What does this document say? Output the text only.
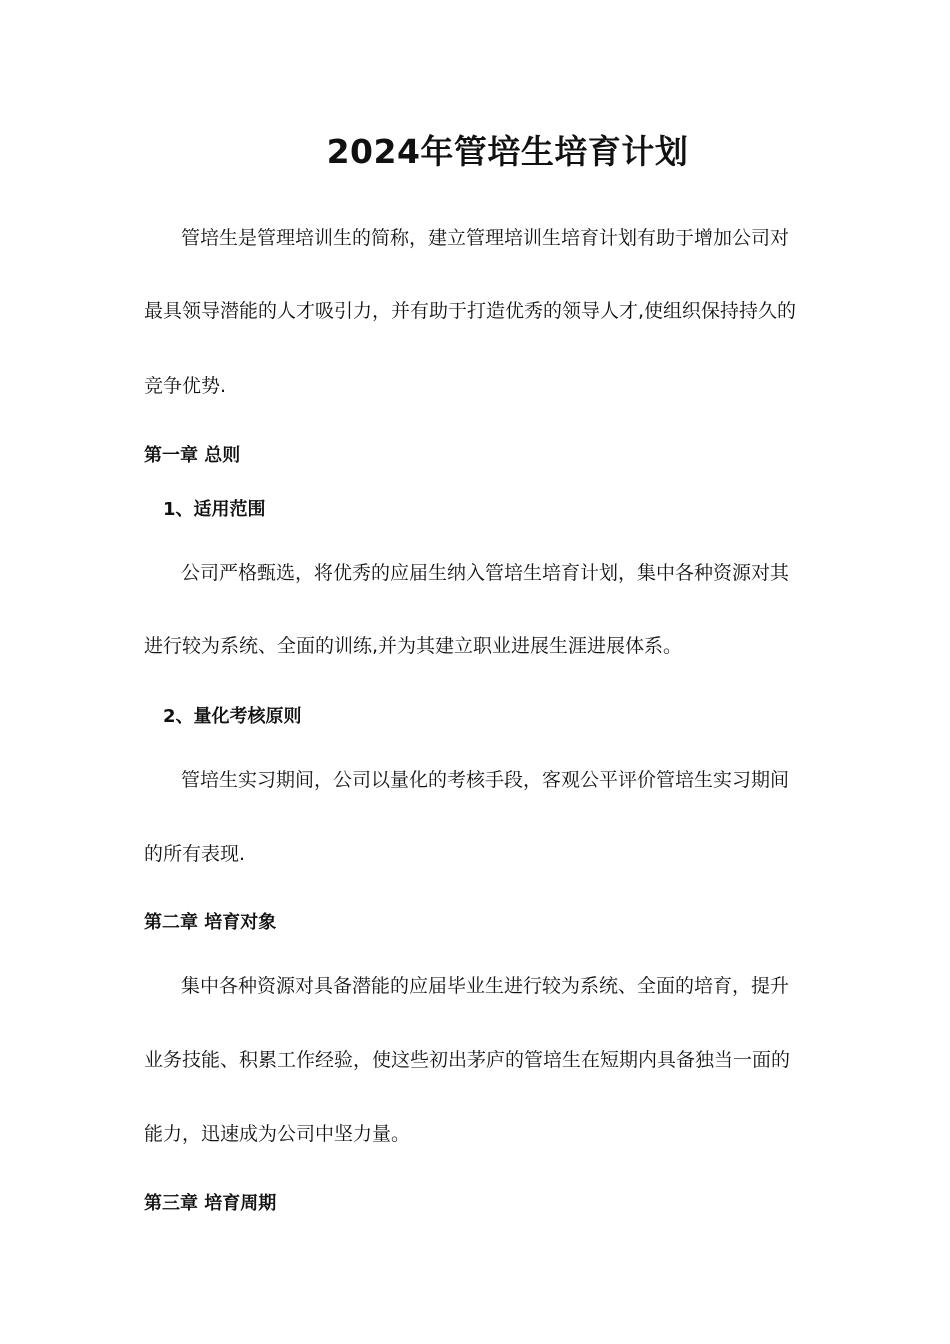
2024年管培生培育计划
管培生是管理培训生的简称，建立管理培训生培育计划有助于增加公司对
最具领导潜能的人才吸引力，并有助于打造优秀的领导人才,使组织保持持久的
竞争优势.
第一章 总则
1、适用范围
公司严格甄选，将优秀的应届生纳入管培生培育计划，集中各种资源对其
进行较为系统、全面的训练,并为其建立职业进展生涯进展体系。
2、量化考核原则
管培生实习期间，公司以量化的考核手段，客观公平评价管培生实习期间
的所有表现.
第二章 培育对象
集中各种资源对具备潜能的应届毕业生进行较为系统、全面的培育，提升
业务技能、积累工作经验，使这些初出茅庐的管培生在短期内具备独当一面的
能力，迅速成为公司中坚力量。
第三章 培育周期
